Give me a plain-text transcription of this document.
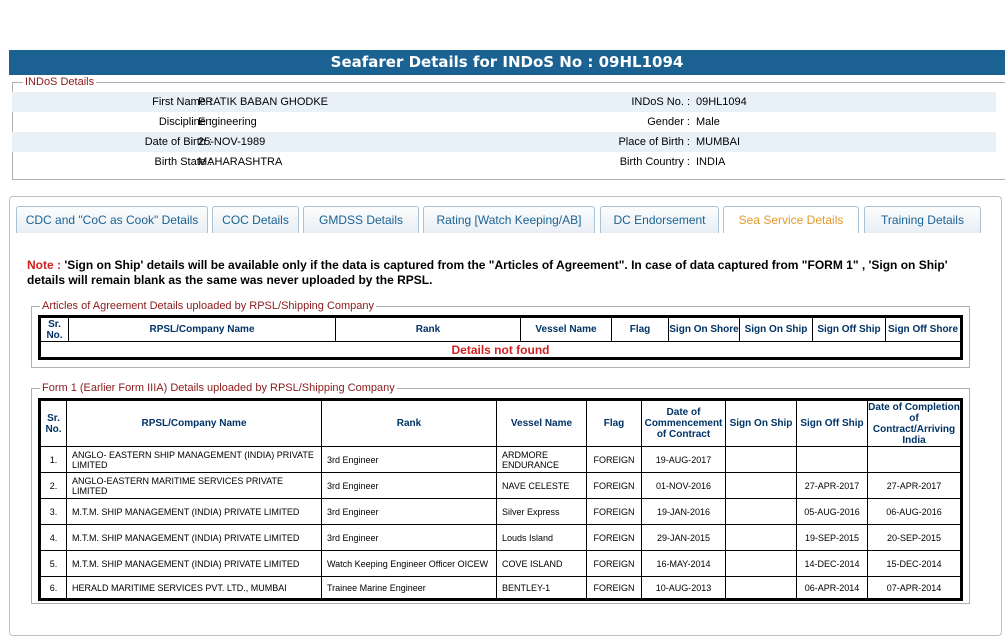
Seafarer Details for INDoS No : 09HL1094
INDoS Details
First Name :
PRATIK BABAN GHODKE	INDoS No. : 09HL1094
Discipline :
Engineering	Gender : Male
Date of Birth :
25-NOV-1989	Place of Birth : MUMBAI
Birth State :
MAHARASHTRA	Birth Country : INDIA
CDC and "CoC as Cook" Details	COC Details	GMDSS Details	Rating [Watch Keeping/AB]	DC Endorsement	Sea Service Details	Training Details
Note : 'Sign on Ship' details will be available only if the data is captured from the "Articles of Agreement". In case of data captured from "FORM 1" , 'Sign on Ship' details will remain blank as the same was never uploaded by the RPSL.
Articles of Agreement Details uploaded by RPSL/Shipping Company
Sr. No.	RPSL/Company Name	Rank	Vessel Name	Flag	Sign On Shore	Sign On Ship	Sign Off Ship	Sign Off Shore
Details not found
Form 1 (Earlier Form IIIA) Details uploaded by RPSL/Shipping Company
Sr. No.	RPSL/Company Name	Rank	Vessel Name	Flag	Date of Commencement of Contract	Sign On Ship	Sign Off Ship	Date of Completion of Contract/Arriving India
1.	ANGLO- EASTERN SHIP MANAGEMENT (INDIA) PRIVATE LIMITED	3rd Engineer	ARDMORE ENDURANCE	FOREIGN	19-AUG-2017			
2.	ANGLO-EASTERN MARITIME SERVICES PRIVATE LIMITED	3rd Engineer	NAVE CELESTE	FOREIGN	01-NOV-2016		27-APR-2017	27-APR-2017
3.	M.T.M. SHIP MANAGEMENT (INDIA) PRIVATE LIMITED	3rd Engineer	Silver Express	FOREIGN	19-JAN-2016		05-AUG-2016	06-AUG-2016
4.	M.T.M. SHIP MANAGEMENT (INDIA) PRIVATE LIMITED	3rd Engineer	Louds Island	FOREIGN	29-JAN-2015		19-SEP-2015	20-SEP-2015
5.	M.T.M. SHIP MANAGEMENT (INDIA) PRIVATE LIMITED	Watch Keeping Engineer Officer OICEW	COVE ISLAND	FOREIGN	16-MAY-2014		14-DEC-2014	15-DEC-2014
6.	HERALD MARITIME SERVICES PVT. LTD., MUMBAI	Trainee Marine Engineer	BENTLEY-1	FOREIGN	10-AUG-2013		06-APR-2014	07-APR-2014
